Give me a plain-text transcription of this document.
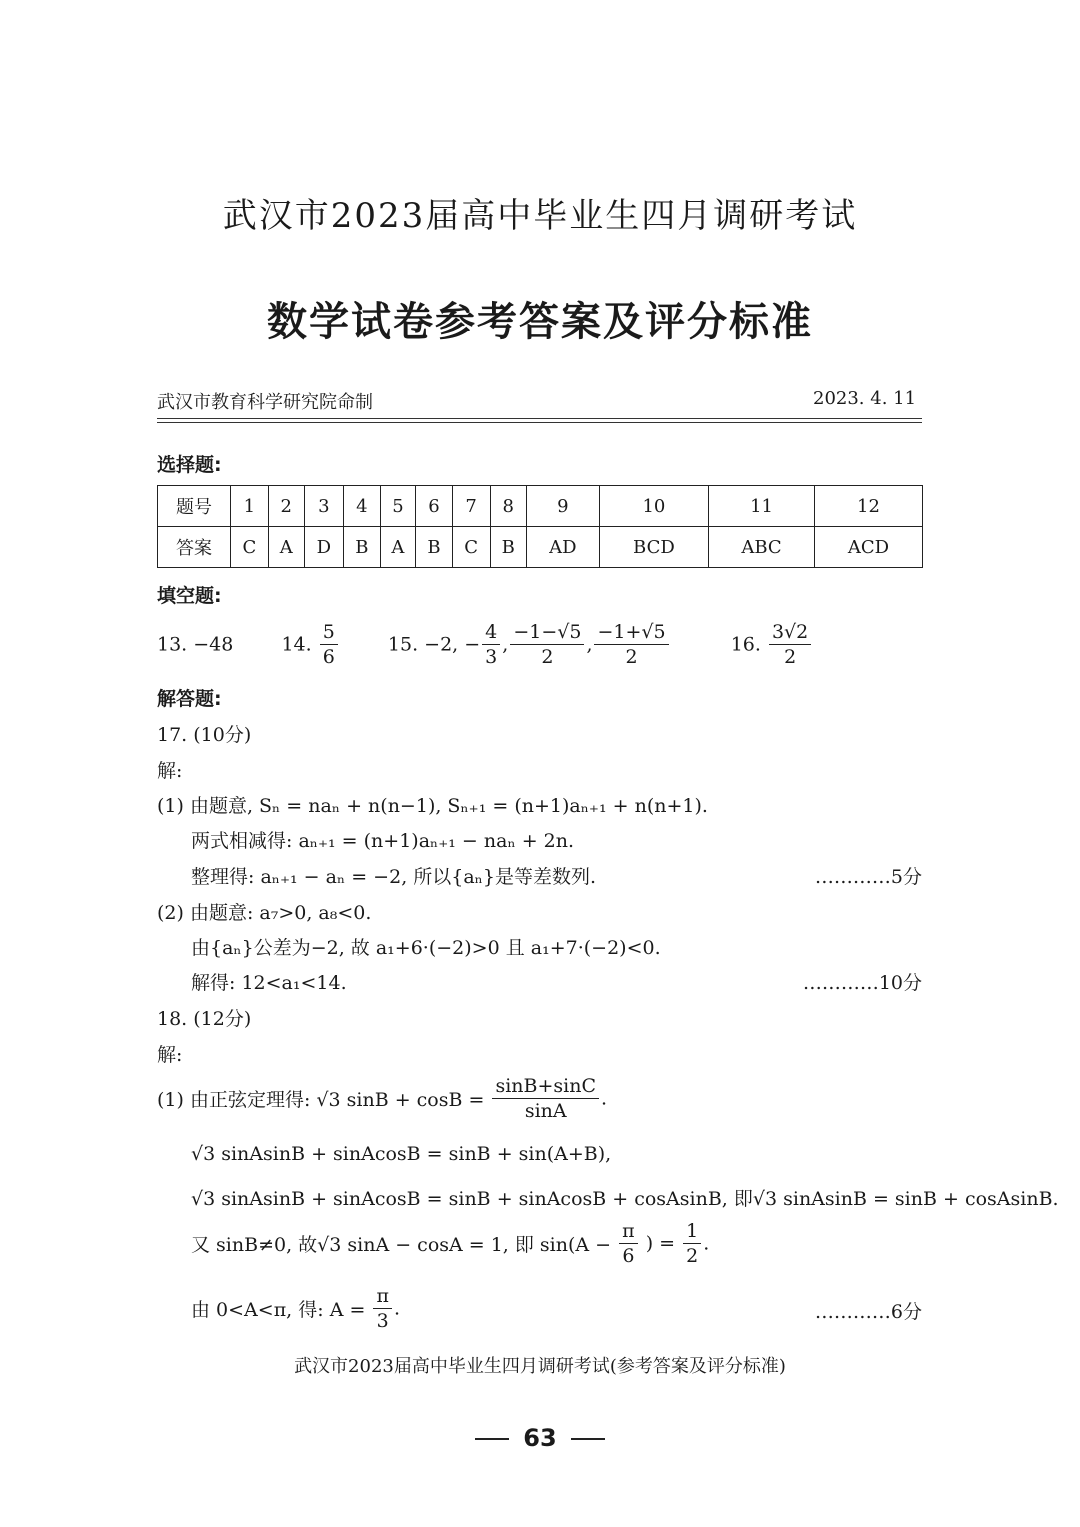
武汉市2023届高中毕业生四月调研考试
数学试卷参考答案及评分标准
武汉市教育科学研究院命制	2023. 4. 11
选择题:
题号	1	2	3	4	5	6	7	8	9	10	11	12
答案	C	A	D	B	A	B	C	B	AD	BCD	ABC	ACD
填空题:
13. −48	14. $\frac{5}{6}$	15. −2, − $\frac{4}{3}$ , $\frac{-1-√5}{2}$ , $\frac{-1+√5}{2}$	16. $\frac{3√2}{2}$
解答题:
17. (10分)
解:
(1) 由题意, Sₙ = naₙ + n(n−1), Sₙ₊₁ = (n+1)aₙ₊₁ + n(n+1).
两式相减得: aₙ₊₁ = (n+1)aₙ₊₁ − naₙ + 2n.
整理得: aₙ₊₁ − aₙ = −2, 所以{aₙ}是等差数列.	…………5分
(2) 由题意: a₇>0, a₈<0.
由{aₙ}公差为−2, 故 a₁+6·(−2)>0 且 a₁+7·(−2)<0.
解得: 12<a₁<14.	…………10分
18. (12分)
解:
(1) 由正弦定理得: √3 $\sin B + \cos B = \frac{\sin B+\sin C}{\sin A}$ .
√3 sinAsinB + sinAcosB = sinB + sin(A+B),
√3 sinAsinB + sinAcosB = sinB + sinAcosB + cosAsinB, 即√3 sinAsinB = sinB + cosAsinB.
又 sinB≠0, 故√3 sinA − cosA = 1, 即 $\sin(A - \frac{\pi}{6}$ ) = $\frac{1}{2}$ .
由 0<A<π, 得: $A = \frac{\pi}{3}$ .	…………6分
武汉市2023届高中毕业生四月调研考试(参考答案及评分标准)
63
